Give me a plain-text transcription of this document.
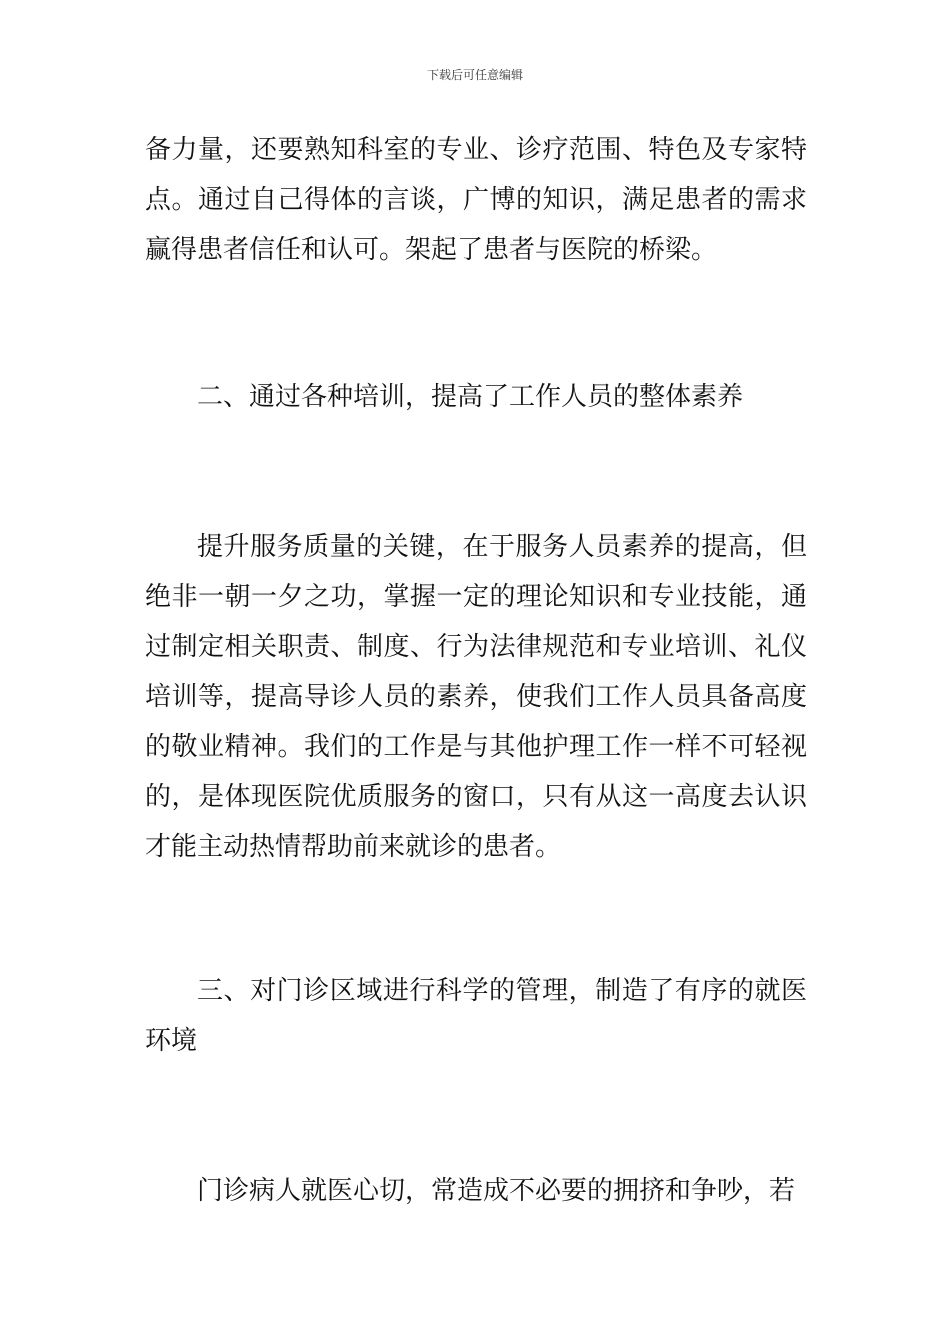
下载后可任意编辑

备力量，还要熟知科室的专业、诊疗范围、特色及专家特点。通过自己得体的言谈，广博的知识，满足患者的需求赢得患者信任和认可。架起了患者与医院的桥梁。

二、通过各种培训，提高了工作人员的整体素养

提升服务质量的关键，在于服务人员素养的提高，但绝非一朝一夕之功，掌握一定的理论知识和专业技能，通过制定相关职责、制度、行为法律规范和专业培训、礼仪培训等，提高导诊人员的素养，使我们工作人员具备高度的敬业精神。我们的工作是与其他护理工作一样不可轻视的，是体现医院优质服务的窗口，只有从这一高度去认识才能主动热情帮助前来就诊的患者。

三、对门诊区域进行科学的管理，制造了有序的就医环境

门诊病人就医心切，常造成不必要的拥挤和争吵，若
